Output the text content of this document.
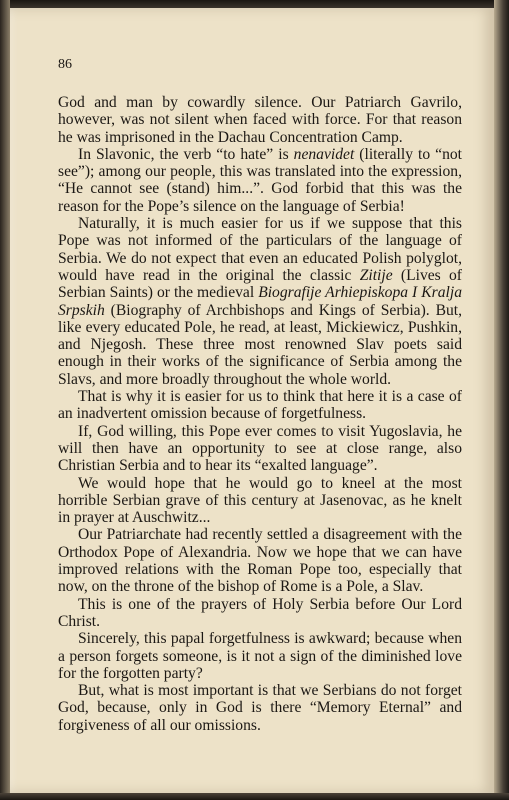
86

God and man by cowardly silence. Our Patriarch Gavrilo, however, was not silent when faced with force. For that reason he was imprisoned in the Dachau Concentration Camp.

In Slavonic, the verb “to hate” is nenavidet (literally to “not see”); among our people, this was translated into the expression, “He cannot see (stand) him...”. God forbid that this was the reason for the Pope’s silence on the language of Serbia!

Naturally, it is much easier for us if we suppose that this Pope was not informed of the particulars of the language of Serbia. We do not expect that even an educated Polish polyglot, would have read in the original the classic Zitije (Lives of Serbian Saints) or the medieval Biografije Arhiepiskopa I Kralja Srpskih (Biography of Archbishops and Kings of Serbia). But, like every educated Pole, he read, at least, Mickiewicz, Pushkin, and Njegosh. These three most renowned Slav poets said enough in their works of the significance of Serbia among the Slavs, and more broadly throughout the whole world.

That is why it is easier for us to think that here it is a case of an inadvertent omission because of forgetfulness.

If, God willing, this Pope ever comes to visit Yugoslavia, he will then have an opportunity to see at close range, also Christian Serbia and to hear its “exalted language”.

We would hope that he would go to kneel at the most horrible Serbian grave of this century at Jasenovac, as he knelt in prayer at Auschwitz...

Our Patriarchate had recently settled a disagreement with the Orthodox Pope of Alexandria. Now we hope that we can have improved relations with the Roman Pope too, especially that now, on the throne of the bishop of Rome is a Pole, a Slav.

This is one of the prayers of Holy Serbia before Our Lord Christ.

Sincerely, this papal forgetfulness is awkward; because when a person forgets someone, is it not a sign of the diminished love for the forgotten party?

But, what is most important is that we Serbians do not forget God, because, only in God is there “Memory Eternal” and forgiveness of all our omissions.
